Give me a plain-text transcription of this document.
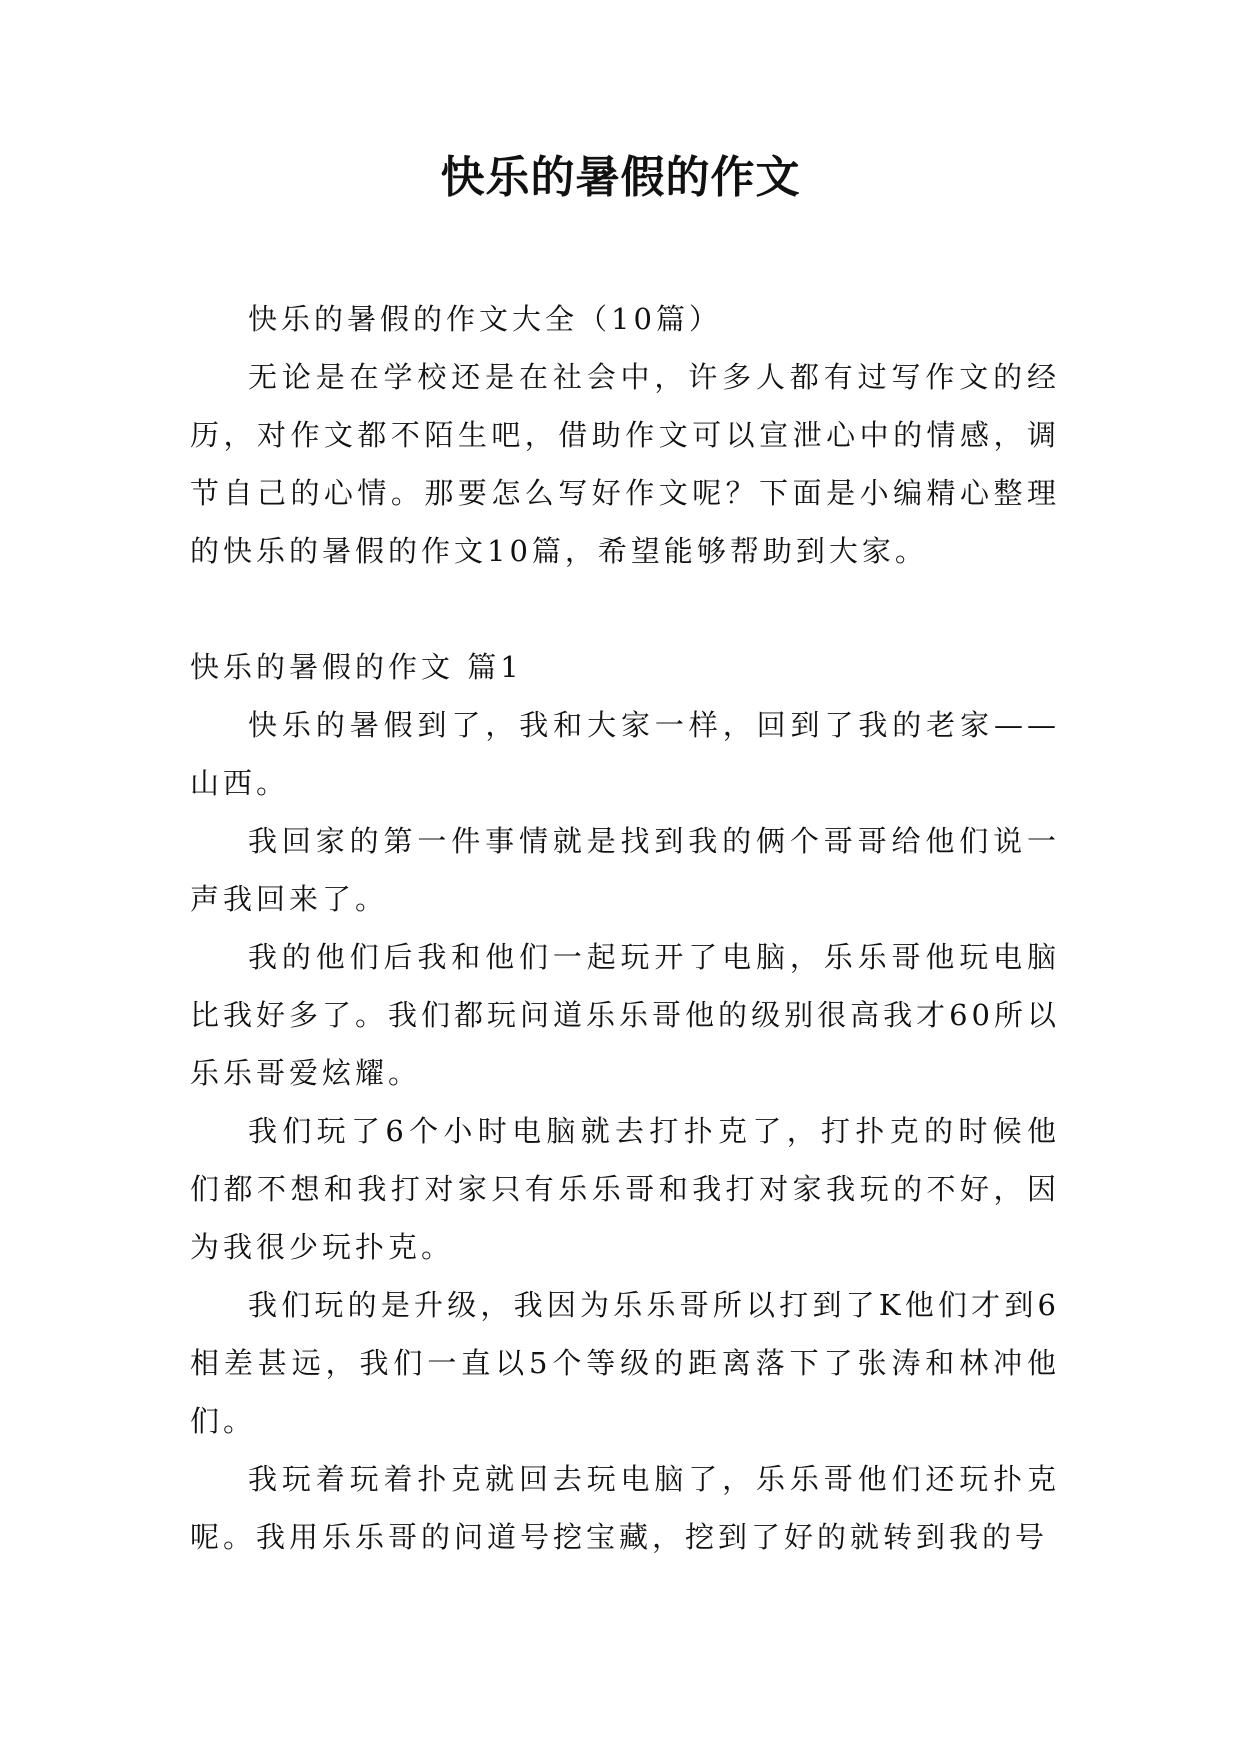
快乐的暑假的作文

快乐的暑假的作文大全（10篇）

无论是在学校还是在社会中，许多人都有过写作文的经历，对作文都不陌生吧，借助作文可以宣泄心中的情感，调节自己的心情。那要怎么写好作文呢？下面是小编精心整理的快乐的暑假的作文10篇，希望能够帮助到大家。

快乐的暑假的作文 篇1

快乐的暑假到了，我和大家一样，回到了我的老家——山西。

我回家的第一件事情就是找到我的俩个哥哥给他们说一声我回来了。

我的他们后我和他们一起玩开了电脑，乐乐哥他玩电脑比我好多了。我们都玩问道乐乐哥他的级别很高我才60所以乐乐哥爱炫耀。

我们玩了6个小时电脑就去打扑克了，打扑克的时候他们都不想和我打对家只有乐乐哥和我打对家我玩的不好，因为我很少玩扑克。

我们玩的是升级，我因为乐乐哥所以打到了K他们才到6相差甚远，我们一直以5个等级的距离落下了张涛和林冲他们。

我玩着玩着扑克就回去玩电脑了，乐乐哥他们还玩扑克呢。我用乐乐哥的问道号挖宝藏，挖到了好的就转到我的号
